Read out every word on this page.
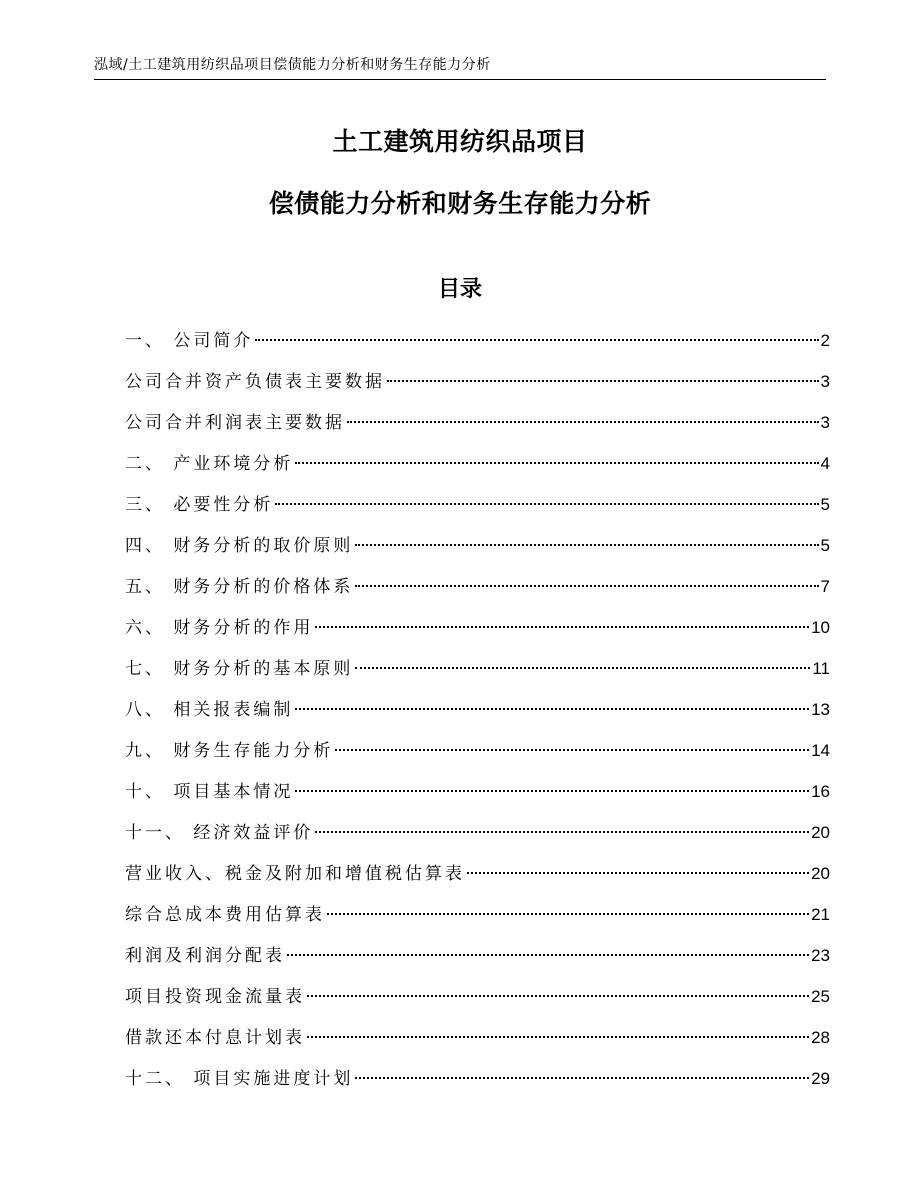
泓域/土工建筑用纺织品项目偿债能力分析和财务生存能力分析
土工建筑用纺织品项目
偿债能力分析和财务生存能力分析
目录
一、 公司简介	2
公司合并资产负债表主要数据	3
公司合并利润表主要数据	3
二、 产业环境分析	4
三、 必要性分析	5
四、 财务分析的取价原则	5
五、 财务分析的价格体系	7
六、 财务分析的作用	10
七、 财务分析的基本原则	11
八、 相关报表编制	13
九、 财务生存能力分析	14
十、 项目基本情况	16
十一、 经济效益评价	20
营业收入、税金及附加和增值税估算表	20
综合总成本费用估算表	21
利润及利润分配表	23
项目投资现金流量表	25
借款还本付息计划表	28
十二、 项目实施进度计划	29
